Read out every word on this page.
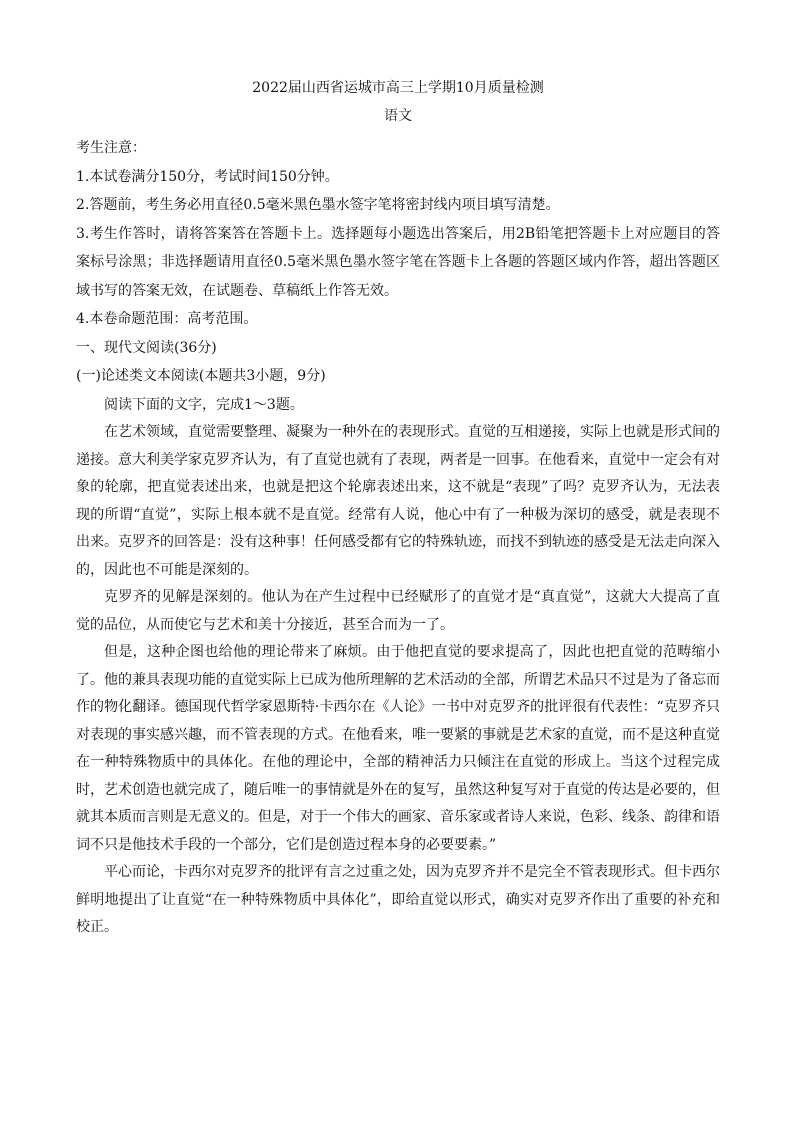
2022届山西省运城市高三上学期10月质量检测

语文

考生注意：

1.本试卷满分150分，考试时间150分钟。

2.答题前，考生务必用直径0.5毫米黑色墨水签字笔将密封线内项目填写清楚。

3.考生作答时，请将答案答在答题卡上。选择题每小题选出答案后，用2B铅笔把答题卡上对应题目的答案标号涂黑；非选择题请用直径0.5毫米黑色墨水签字笔在答题卡上各题的答题区域内作答，超出答题区域书写的答案无效，在试题卷、草稿纸上作答无效。

4.本卷命题范围：高考范围。

一、现代文阅读(36分)

(一)论述类文本阅读(本题共3小题，9分)

阅读下面的文字，完成1～3题。

在艺术领域，直觉需要整理、凝聚为一种外在的表现形式。直觉的互相递接，实际上也就是形式间的递接。意大利美学家克罗齐认为，有了直觉也就有了表现，两者是一回事。在他看来，直觉中一定会有对象的轮廓，把直觉表述出来，也就是把这个轮廓表述出来，这不就是“表现”了吗？克罗齐认为，无法表现的所谓“直觉”，实际上根本就不是直觉。经常有人说，他心中有了一种极为深切的感受，就是表现不出来。克罗齐的回答是：没有这种事！任何感受都有它的特殊轨迹，而找不到轨迹的感受是无法走向深入的，因此也不可能是深刻的。

克罗齐的见解是深刻的。他认为在产生过程中已经赋形了的直觉才是“真直觉”，这就大大提高了直觉的品位，从而使它与艺术和美十分接近，甚至合而为一了。

但是，这种企图也给他的理论带来了麻烦。由于他把直觉的要求提高了，因此也把直觉的范畴缩小了。他的兼具表现功能的直觉实际上已成为他所理解的艺术活动的全部，所谓艺术品只不过是为了备忘而作的物化翻译。德国现代哲学家恩斯特·卡西尔在《人论》一书中对克罗齐的批评很有代表性：“克罗齐只对表现的事实感兴趣，而不管表现的方式。在他看来，唯一要紧的事就是艺术家的直觉，而不是这种直觉在一种特殊物质中的具体化。在他的理论中，全部的精神活力只倾注在直觉的形成上。当这个过程完成时，艺术创造也就完成了，随后唯一的事情就是外在的复写，虽然这种复写对于直觉的传达是必要的，但就其本质而言则是无意义的。但是，对于一个伟大的画家、音乐家或者诗人来说，色彩、线条、韵律和语词不只是他技术手段的一个部分，它们是创造过程本身的必要要素。”

平心而论，卡西尔对克罗齐的批评有言之过重之处，因为克罗齐并不是完全不管表现形式。但卡西尔鲜明地提出了让直觉“在一种特殊物质中具体化”，即给直觉以形式，确实对克罗齐作出了重要的补充和校正。
